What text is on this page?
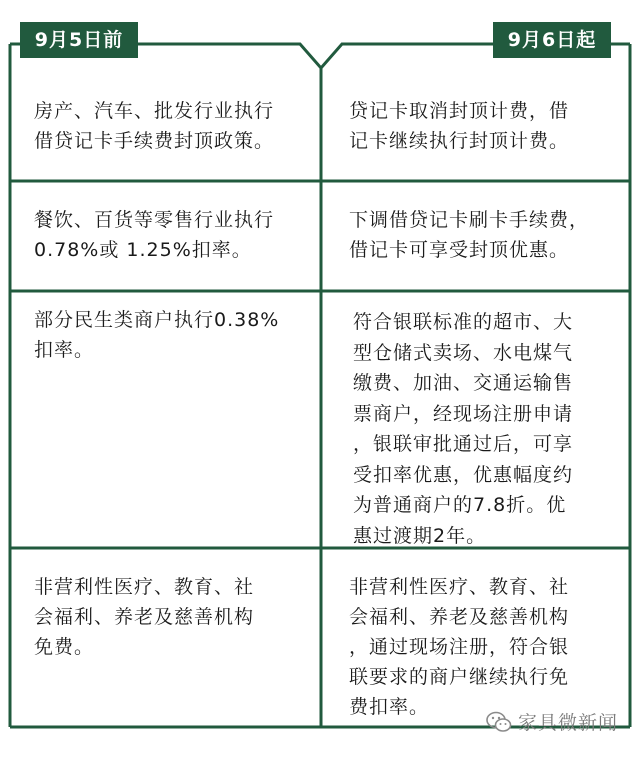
9月5日前	9月6日起

房产、汽车、批发行业执行
借贷记卡手续费封顶政策。

贷记卡取消封顶计费，借
记卡继续执行封顶计费。

餐饮、百货等零售行业执行
0.78%或 1.25%扣率。

下调借贷记卡刷卡手续费，
借记卡可享受封顶优惠。

部分民生类商户执行0.38%
扣率。

符合银联标准的超市、大
型仓储式卖场、水电煤气
缴费、加油、交通运输售
票商户，经现场注册申请
，银联审批通过后，可享
受扣率优惠，优惠幅度约
为普通商户的7.8折。优
惠过渡期2年。

非营利性医疗、教育、社
会福利、养老及慈善机构
免费。

非营利性医疗、教育、社
会福利、养老及慈善机构
，通过现场注册，符合银
联要求的商户继续执行免
费扣率。

家具微新闻
